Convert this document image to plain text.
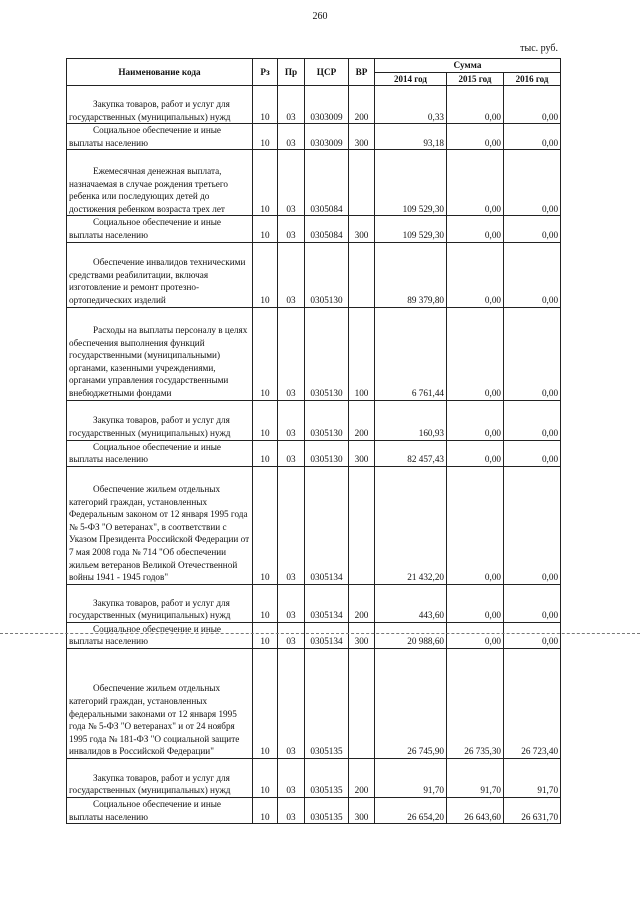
260
тыс. руб.
Наименование кода	Рз	Пр	ЦСР	ВР	Сумма		
					2014 год	2015 год	2016 год
Закупка товаров, работ и услуг для государственных (муниципальных) нужд	10	03	0303009	200	0,33	0,00	0,00
Социальное обеспечение и иные выплаты населению	10	03	0303009	300	93,18	0,00	0,00
Ежемесячная денежная выплата, назначаемая в случае рождения третьего ребенка или последующих детей до достижения ребенком возраста трех лет	10	03	0305084		109 529,30	0,00	0,00
Социальное обеспечение и иные выплаты населению	10	03	0305084	300	109 529,30	0,00	0,00
Обеспечение инвалидов техническими средствами реабилитации, включая изготовление и ремонт протезно-ортопедических изделий	10	03	0305130		89 379,80	0,00	0,00
Расходы на выплаты персоналу в целях обеспечения выполнения функций государственными (муниципальными) органами, казенными учреждениями, органами управления государственными внебюджетными фондами	10	03	0305130	100	6 761,44	0,00	0,00
Закупка товаров, работ и услуг для государственных (муниципальных) нужд	10	03	0305130	200	160,93	0,00	0,00
Социальное обеспечение и иные выплаты населению	10	03	0305130	300	82 457,43	0,00	0,00
Обеспечение жильем отдельных категорий граждан, установленных Федеральным законом от 12 января 1995 года № 5-ФЗ "О ветеранах", в соответствии с Указом Президента Российской Федерации от 7 мая 2008 года № 714 "Об обеспечении жильем ветеранов Великой Отечественной войны 1941 - 1945 годов"	10	03	0305134		21 432,20	0,00	0,00
Закупка товаров, работ и услуг для государственных (муниципальных) нужд	10	03	0305134	200	443,60	0,00	0,00
Социальное обеспечение и иные выплаты населению	10	03	0305134	300	20 988,60	0,00	0,00
Обеспечение жильем отдельных категорий граждан, установленных федеральными законами от 12 января 1995 года № 5-ФЗ "О ветеранах" и от 24 ноября 1995 года № 181-ФЗ "О социальной защите инвалидов в Российской Федерации"	10	03	0305135		26 745,90	26 735,30	26 723,40
Закупка товаров, работ и услуг для государственных (муниципальных) нужд	10	03	0305135	200	91,70	91,70	91,70
Социальное обеспечение и иные выплаты населению	10	03	0305135	300	26 654,20	26 643,60	26 631,70
